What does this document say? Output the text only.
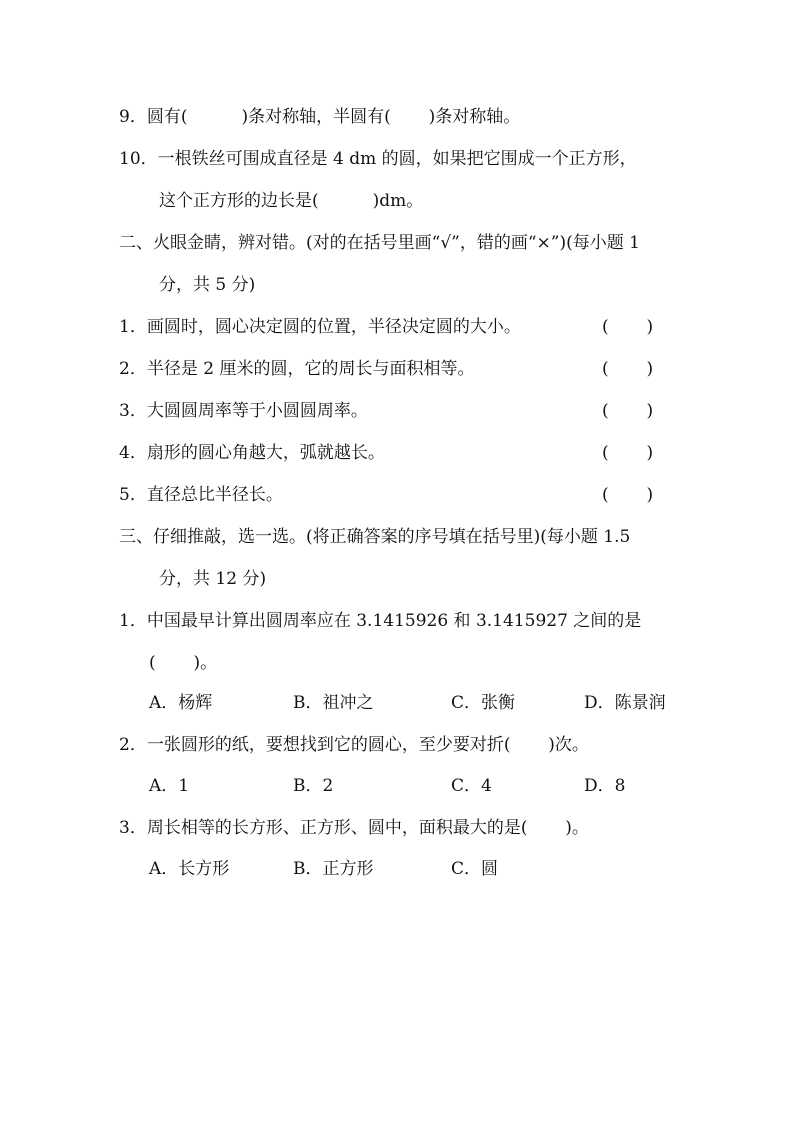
9．圆有(          )条对称轴，半圆有(       )条对称轴。
10．一根铁丝可围成直径是 4 dm 的圆，如果把它围成一个正方形，
这个正方形的边长是(          )dm。
二、火眼金睛，辨对错。(对的在括号里画“√”，错的画“×”)(每小题 1
分，共 5 分)
1．画圆时，圆心决定圆的位置，半径决定圆的大小。	(       )
2．半径是 2 厘米的圆，它的周长与面积相等。	(       )
3．大圆圆周率等于小圆圆周率。	(       )
4．扇形的圆心角越大，弧就越长。	(       )
5．直径总比半径长。	(       )
三、仔细推敲，选一选。(将正确答案的序号填在括号里)(每小题 1.5
分，共 12 分)
1．中国最早计算出圆周率应在 3.1415926 和 3.1415927 之间的是
(       )。
A．杨辉	B．祖冲之	C．张衡	D．陈景润
2．一张圆形的纸，要想找到它的圆心，至少要对折(       )次。
A．1	B．2	C．4	D．8
3．周长相等的长方形、正方形、圆中，面积最大的是(       )。
A．长方形	B．正方形	C．圆
